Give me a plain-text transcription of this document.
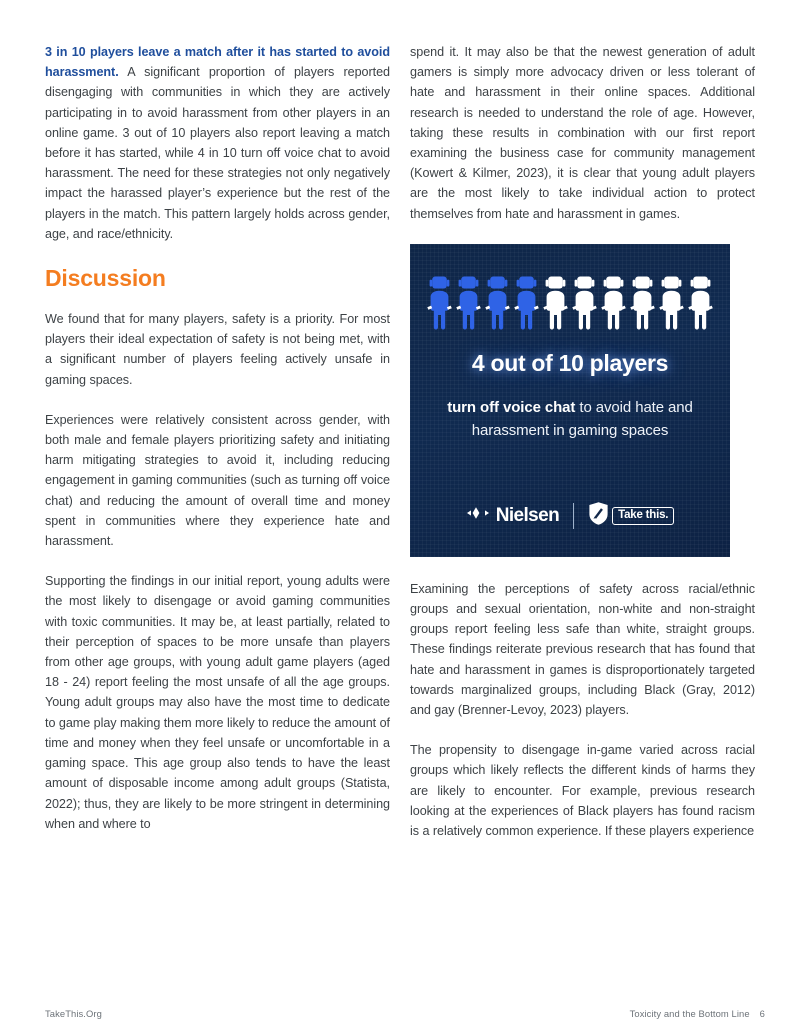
3 in 10 players leave a match after it has started to avoid harassment. A significant proportion of players reported disengaging with communities in which they are actively participating in to avoid harassment from other players in an online game. 3 out of 10 players also report leaving a match before it has started, while 4 in 10 turn off voice chat to avoid harassment. The need for these strategies not only negatively impact the harassed player’s experience but the rest of the players in the match. This pattern largely holds across gender, age, and race/ethnicity.

Discussion

We found that for many players, safety is a priority. For most players their ideal expectation of safety is not being met, with a significant number of players feeling actively unsafe in gaming spaces.

Experiences were relatively consistent across gender, with both male and female players prioritizing safety and initiating harm mitigating strategies to avoid it, including reducing engagement in gaming communities (such as turning off voice chat) and reducing the amount of overall time and money spent in communities where they experience hate and harassment.

Supporting the findings in our initial report, young adults were the most likely to disengage or avoid gaming communities with toxic communities. It may be, at least partially, related to their perception of spaces to be more unsafe than players from other age groups, with young adult game players (aged 18 - 24) report feeling the most unsafe of all the age groups. Young adult groups may also have the most time to dedicate to game play making them more likely to reduce the amount of time and money when they feel unsafe or uncomfortable in a gaming space. This age group also tends to have the least amount of disposable income among adult groups (Statista, 2022); thus, they are likely to be more stringent in determining when and where to

spend it. It may also be that the newest generation of adult gamers is simply more advocacy driven or less tolerant of hate and harassment in their online spaces. Additional research is needed to understand the role of age. However, taking these results in combination with our first report examining the business case for community management (Kowert & Kilmer, 2023), it is clear that young adult players are the most likely to take individual action to protect themselves from hate and harassment in games.

4 out of 10 players
turn off voice chat to avoid hate and harassment in gaming spaces
Nielsen	Take this.

Examining the perceptions of safety across racial/ethnic groups and sexual orientation, non-white and non-straight groups report feeling less safe than white, straight groups. These findings reiterate previous research that has found that hate and harassment in games is disproportionately targeted towards marginalized groups, including Black (Gray, 2012) and gay (Brenner-Levoy, 2023) players.

The propensity to disengage in-game varied across racial groups which likely reflects the different kinds of harms they are likely to encounter. For example, previous research looking at the experiences of Black players has found racism is a relatively common experience. If these players experience

TakeThis.Org	Toxicity and the Bottom Line 6
